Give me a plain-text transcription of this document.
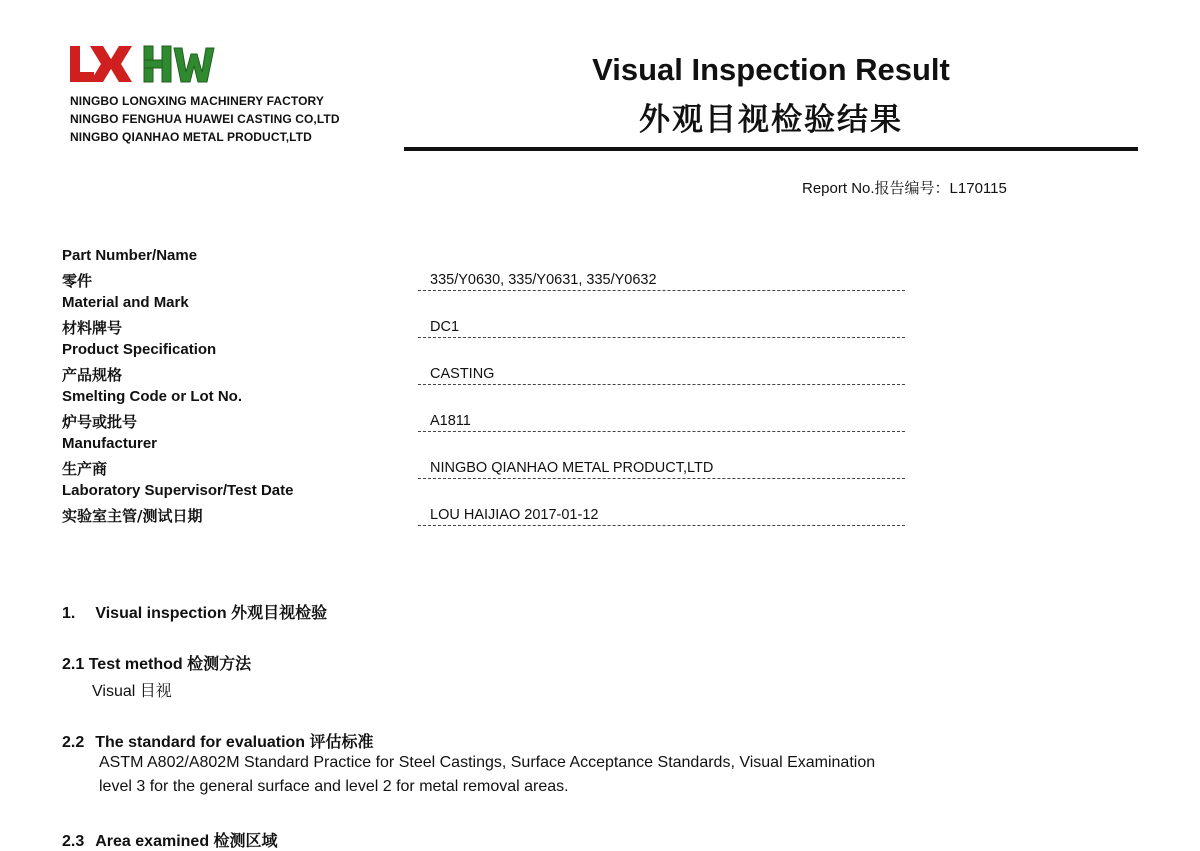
NINGBO LONGXING MACHINERY FACTORY
NINGBO FENGHUA HUAWEI CASTING CO,LTD
NINGBO QIANHAO METAL PRODUCT,LTD
Visual Inspection Result
外观目视检验结果
Report No.报告编号：L170115
Part Number/Name
零件	335/Y0630, 335/Y0631, 335/Y0632
Material and Mark
材料牌号	DC1
Product Specification
产品规格	CASTING
Smelting Code or Lot No.
炉号或批号	A1811
Manufacturer
生产商	NINGBO QIANHAO METAL PRODUCT,LTD
Laboratory Supervisor/Test Date
实验室主管/测试日期	LOU HAIJIAO 2017-01-12
1. Visual inspection 外观目视检验
2.1 Test method 检测方法
Visual 目视
2.2 The standard for evaluation 评估标准
ASTM A802/A802M Standard Practice for Steel Castings, Surface Acceptance Standards, Visual Examination
level 3 for the general surface and level 2 for metal removal areas.
2.3 Area examined 检测区域
